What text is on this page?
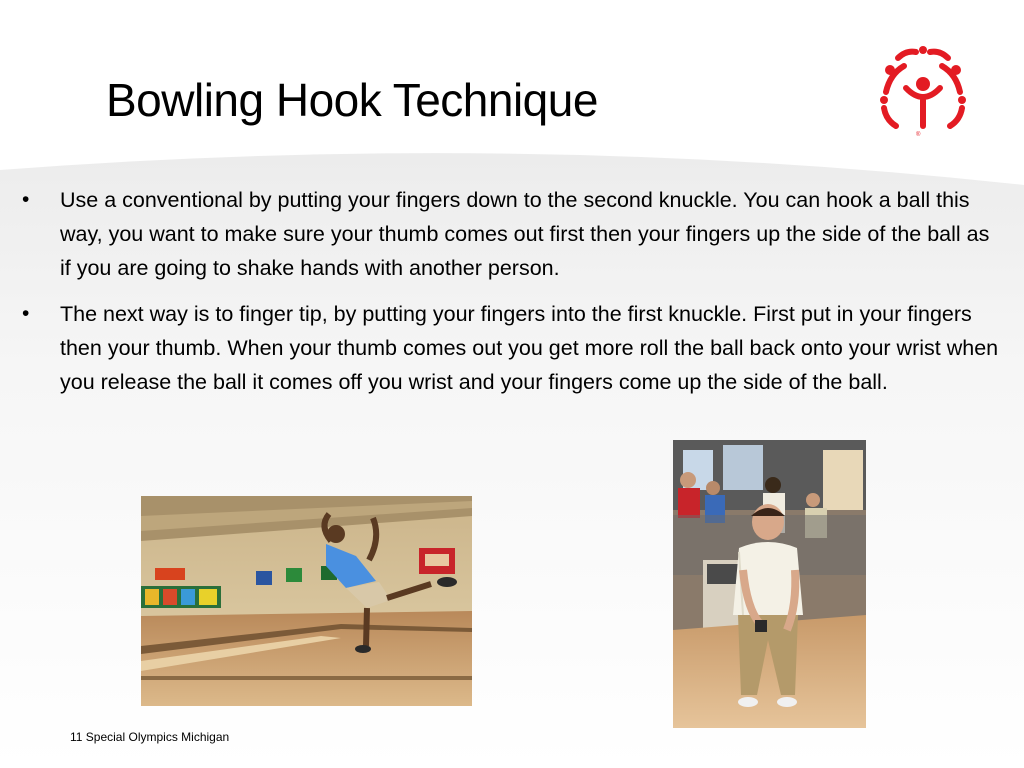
Bowling Hook Technique
®
•	Use a conventional by putting your fingers down to the second knuckle. You can hook a ball this way, you want to make sure your thumb comes out first then your fingers up the side of the ball as if you are going to shake hands with another person.
•	The next way is to finger tip, by putting your fingers into the first knuckle. First put in your fingers then your thumb. When your thumb comes out you get more roll the ball back onto your wrist when you release the ball it comes off you wrist and your fingers come up the side of the ball.
11 Special Olympics Michigan
